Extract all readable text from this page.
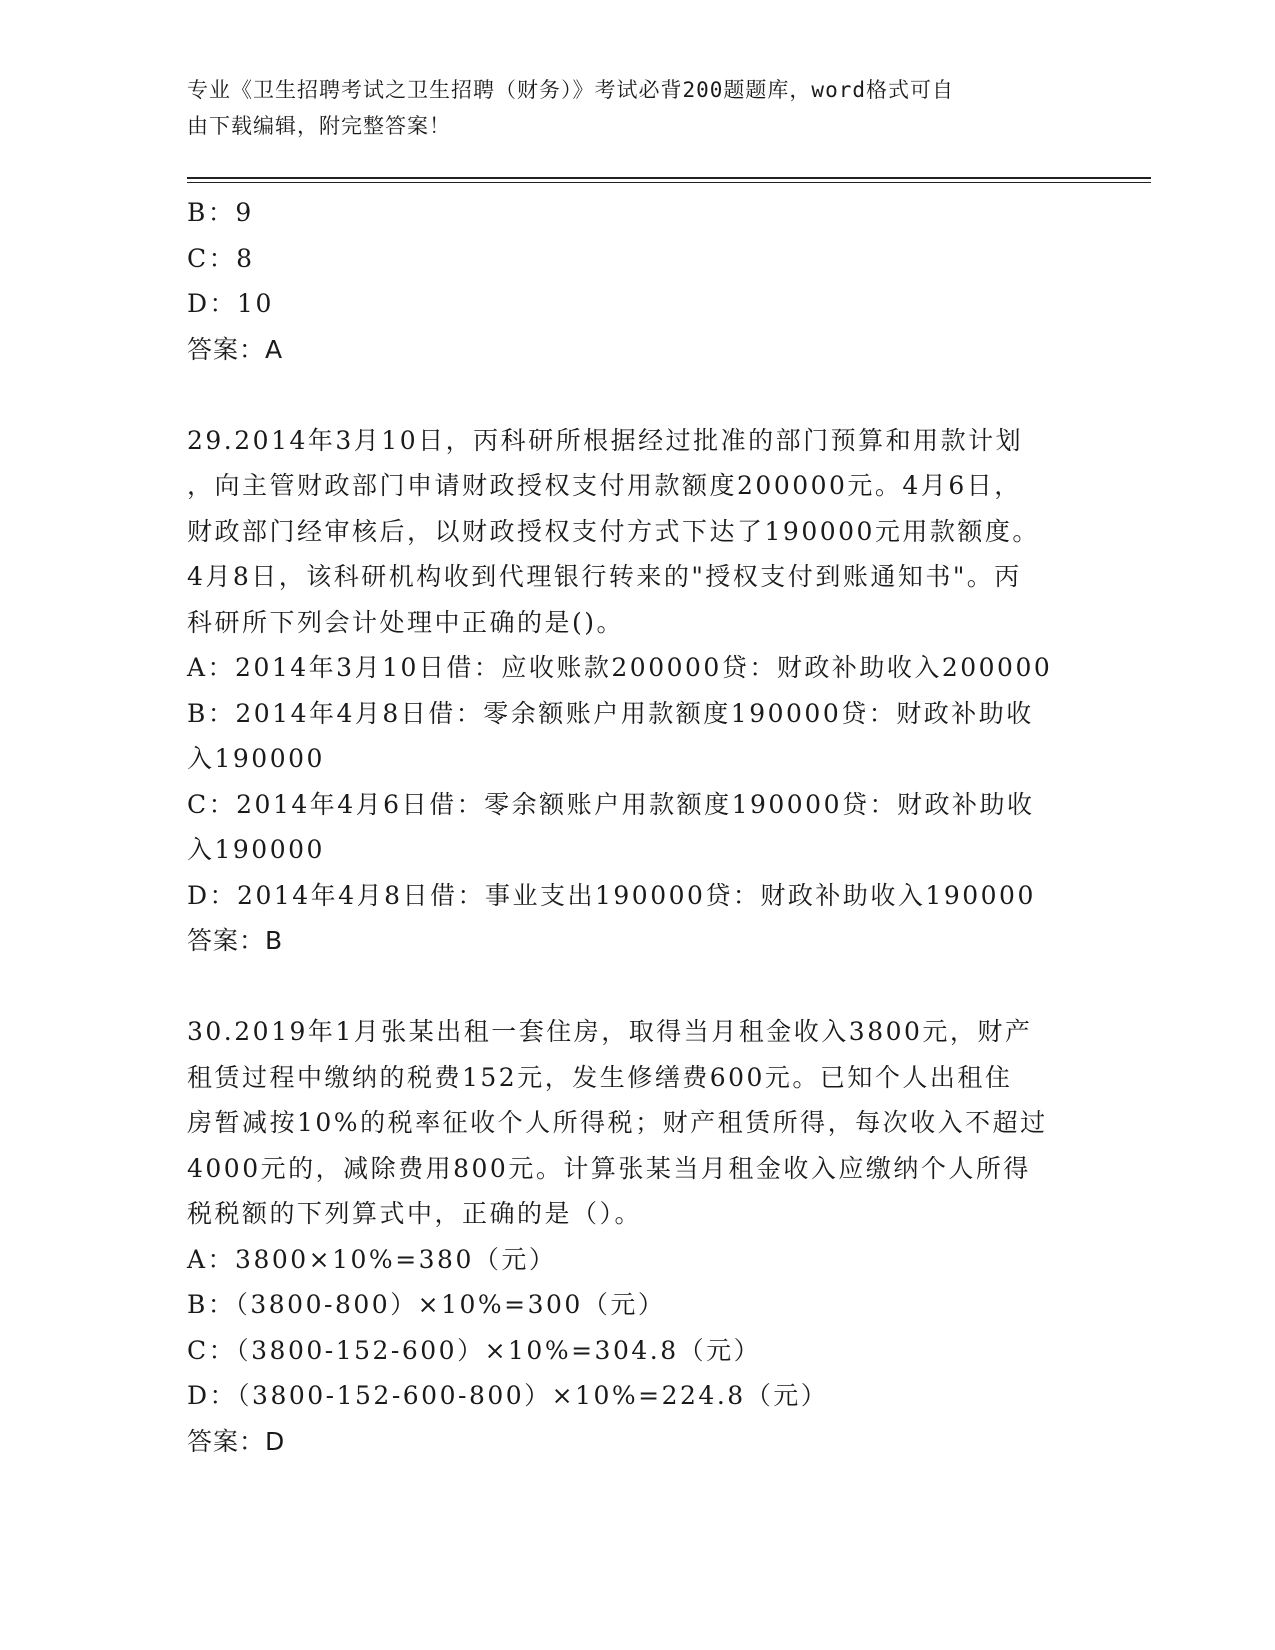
专业《卫生招聘考试之卫生招聘（财务）》考试必背200题题库，word格式可自
由下载编辑，附完整答案！
B：9
C：8
D：10
答案：A
29.2014年3月10日，丙科研所根据经过批准的部门预算和用款计划
，向主管财政部门申请财政授权支付用款额度200000元。4月6日，
财政部门经审核后，以财政授权支付方式下达了190000元用款额度。
4月8日，该科研机构收到代理银行转来的"授权支付到账通知书"。丙
科研所下列会计处理中正确的是()。
A：2014年3月10日借：应收账款200000贷：财政补助收入200000
B：2014年4月8日借：零余额账户用款额度190000贷：财政补助收
入190000
C：2014年4月6日借：零余额账户用款额度190000贷：财政补助收
入190000
D：2014年4月8日借：事业支出190000贷：财政补助收入190000
答案：B
30.2019年1月张某出租一套住房，取得当月租金收入3800元，财产
租赁过程中缴纳的税费152元，发生修缮费600元。已知个人出租住
房暂减按10%的税率征收个人所得税；财产租赁所得，每次收入不超过
4000元的，减除费用800元。计算张某当月租金收入应缴纳个人所得
税税额的下列算式中，正确的是（）。
A：3800×10%=380（元）
B：（3800-800）×10%=300（元）
C：（3800-152-600）×10%=304.8（元）
D：（3800-152-600-800）×10%=224.8（元）
答案：D
